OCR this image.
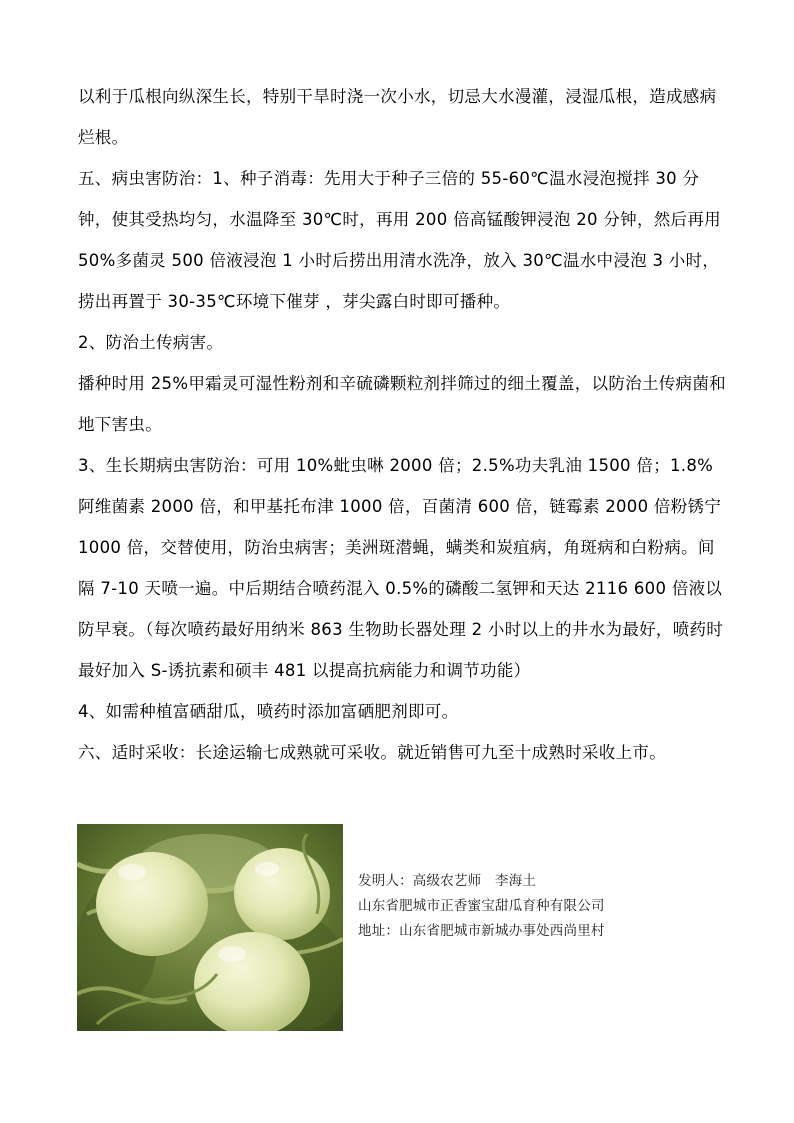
以利于瓜根向纵深生长，特别干旱时浇一次小水，切忌大水漫灌，浸湿瓜根，造成感病烂根。

五、病虫害防治：1、种子消毒：先用大于种子三倍的 55-60℃温水浸泡搅拌 30 分钟，使其受热均匀，水温降至 30℃时，再用 200 倍高锰酸钾浸泡 20 分钟，然后再用 50%多菌灵 500 倍液浸泡 1 小时后捞出用清水洗净，放入 30℃温水中浸泡 3 小时，捞出再置于 30-35℃环境下催芽 ，芽尖露白时即可播种。

2、防治土传病害。

播种时用 25%甲霜灵可湿性粉剂和辛硫磷颗粒剂拌筛过的细土覆盖，以防治土传病菌和地下害虫。

3、生长期病虫害防治：可用 10%蚍虫啉 2000 倍；2.5%功夫乳油 1500 倍；1.8%阿维菌素 2000 倍，和甲基托布津 1000 倍，百菌清 600 倍，链霉素 2000 倍粉锈宁 1000 倍，交替使用，防治虫病害；美洲斑潜蝇，螨类和炭疽病，角斑病和白粉病。间隔 7-10 天喷一遍。中后期结合喷药混入 0.5%的磷酸二氢钾和天达 2116 600 倍液以防早衰。（每次喷药最好用纳米 863 生物助长器处理 2 小时以上的井水为最好，喷药时最好加入 S-诱抗素和硕丰 481 以提高抗病能力和调节功能）

4、如需种植富硒甜瓜，喷药时添加富硒肥剂即可。

六、适时采收：长途运输七成熟就可采收。就近销售可九至十成熟时采收上市。

发明人：高级农艺师　李海土
山东省肥城市正香蜜宝甜瓜育种有限公司
地址：山东省肥城市新城办事处西尚里村
